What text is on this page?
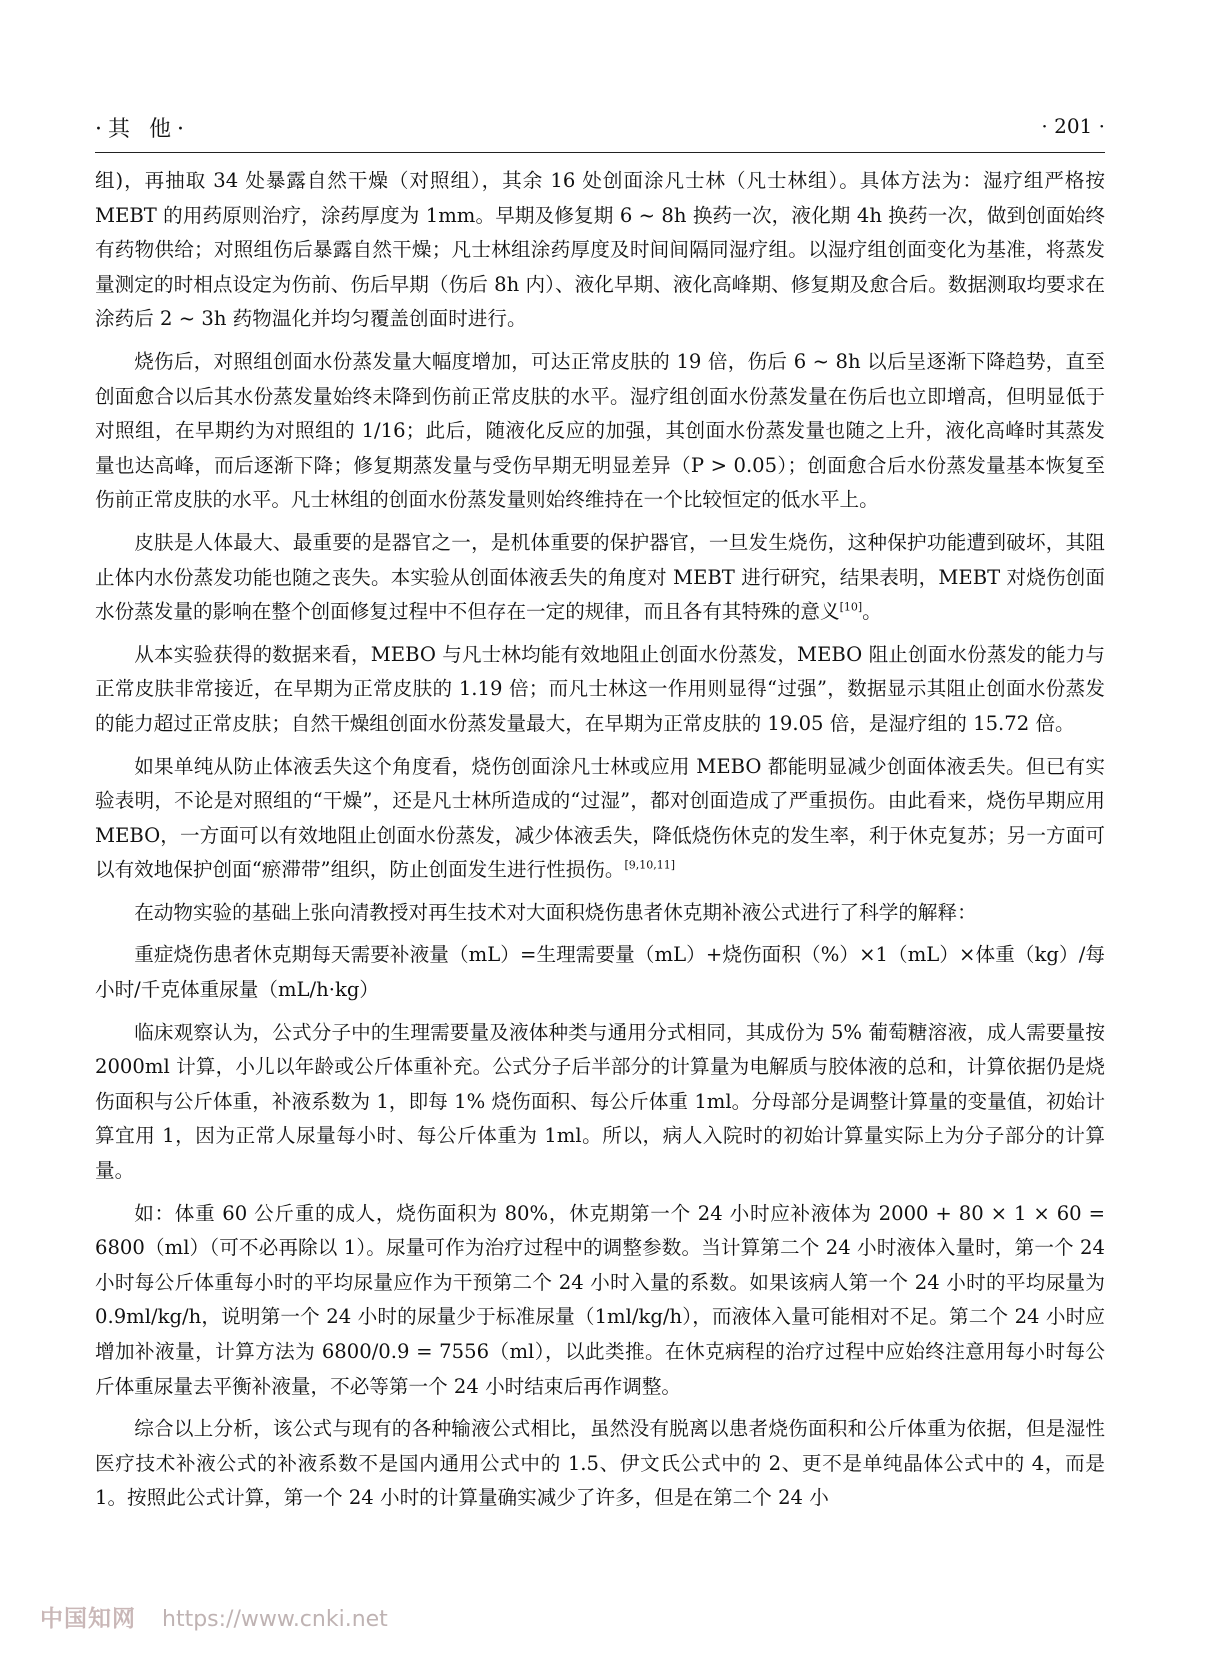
·其 他·	· 201 ·

组)，再抽取 34 处暴露自然干燥（对照组），其余 16 处创面涂凡士林（凡士林组）。具体方法为：湿疗组严格按 MEBT 的用药原则治疗，涂药厚度为 1mm。早期及修复期 6 ~ 8h 换药一次，液化期 4h 换药一次，做到创面始终有药物供给；对照组伤后暴露自然干燥；凡士林组涂药厚度及时间间隔同湿疗组。以湿疗组创面变化为基准，将蒸发量测定的时相点设定为伤前、伤后早期（伤后 8h 内）、液化早期、液化高峰期、修复期及愈合后。数据测取均要求在涂药后 2 ~ 3h 药物温化并均匀覆盖创面时进行。

烧伤后，对照组创面水份蒸发量大幅度增加，可达正常皮肤的 19 倍，伤后 6 ~ 8h 以后呈逐渐下降趋势，直至创面愈合以后其水份蒸发量始终未降到伤前正常皮肤的水平。湿疗组创面水份蒸发量在伤后也立即增高，但明显低于对照组，在早期约为对照组的 1/16；此后，随液化反应的加强，其创面水份蒸发量也随之上升，液化高峰时其蒸发量也达高峰，而后逐渐下降；修复期蒸发量与受伤早期无明显差异（P > 0.05）；创面愈合后水份蒸发量基本恢复至伤前正常皮肤的水平。凡士林组的创面水份蒸发量则始终维持在一个比较恒定的低水平上。

皮肤是人体最大、最重要的是器官之一，是机体重要的保护器官，一旦发生烧伤，这种保护功能遭到破坏，其阻止体内水份蒸发功能也随之丧失。本实验从创面体液丢失的角度对 MEBT 进行研究，结果表明，MEBT 对烧伤创面水份蒸发量的影响在整个创面修复过程中不但存在一定的规律，而且各有其特殊的意义[10]。

从本实验获得的数据来看，MEBO 与凡士林均能有效地阻止创面水份蒸发，MEBO 阻止创面水份蒸发的能力与正常皮肤非常接近，在早期为正常皮肤的 1.19 倍；而凡士林这一作用则显得“过强”，数据显示其阻止创面水份蒸发的能力超过正常皮肤；自然干燥组创面水份蒸发量最大，在早期为正常皮肤的 19.05 倍，是湿疗组的 15.72 倍。

如果单纯从防止体液丢失这个角度看，烧伤创面涂凡士林或应用 MEBO 都能明显减少创面体液丢失。但已有实验表明，不论是对照组的“干燥”，还是凡士林所造成的“过湿”，都对创面造成了严重损伤。由此看来，烧伤早期应用 MEBO，一方面可以有效地阻止创面水份蒸发，减少体液丢失，降低烧伤休克的发生率，利于休克复苏；另一方面可以有效地保护创面“瘀滞带”组织，防止创面发生进行性损伤。[9,10,11]

在动物实验的基础上张向清教授对再生技术对大面积烧伤患者休克期补液公式进行了科学的解释：

重症烧伤患者休克期每天需要补液量（mL）=生理需要量（mL）+烧伤面积（%）×1（mL）×体重（kg）/每小时/千克体重尿量（mL/h·kg）

临床观察认为，公式分子中的生理需要量及液体种类与通用分式相同，其成份为 5% 葡萄糖溶液，成人需要量按 2000ml 计算，小儿以年龄或公斤体重补充。公式分子后半部分的计算量为电解质与胶体液的总和，计算依据仍是烧伤面积与公斤体重，补液系数为 1，即每 1% 烧伤面积、每公斤体重 1ml。分母部分是调整计算量的变量值，初始计算宜用 1，因为正常人尿量每小时、每公斤体重为 1ml。所以，病人入院时的初始计算量实际上为分子部分的计算量。

如：体重 60 公斤重的成人，烧伤面积为 80%，休克期第一个 24 小时应补液体为 2000 + 80 × 1 × 60 = 6800（ml）（可不必再除以 1）。尿量可作为治疗过程中的调整参数。当计算第二个 24 小时液体入量时，第一个 24 小时每公斤体重每小时的平均尿量应作为干预第二个 24 小时入量的系数。如果该病人第一个 24 小时的平均尿量为 0.9ml/kg/h，说明第一个 24 小时的尿量少于标准尿量（1ml/kg/h），而液体入量可能相对不足。第二个 24 小时应增加补液量，计算方法为 6800/0.9 = 7556（ml），以此类推。在休克病程的治疗过程中应始终注意用每小时每公斤体重尿量去平衡补液量，不必等第一个 24 小时结束后再作调整。

综合以上分析，该公式与现有的各种输液公式相比，虽然没有脱离以患者烧伤面积和公斤体重为依据，但是湿性医疗技术补液公式的补液系数不是国内通用公式中的 1.5、伊文氏公式中的 2、更不是单纯晶体公式中的 4，而是 1。按照此公式计算，第一个 24 小时的计算量确实减少了许多，但是在第二个 24 小

中国知网 https://www.cnki.net
